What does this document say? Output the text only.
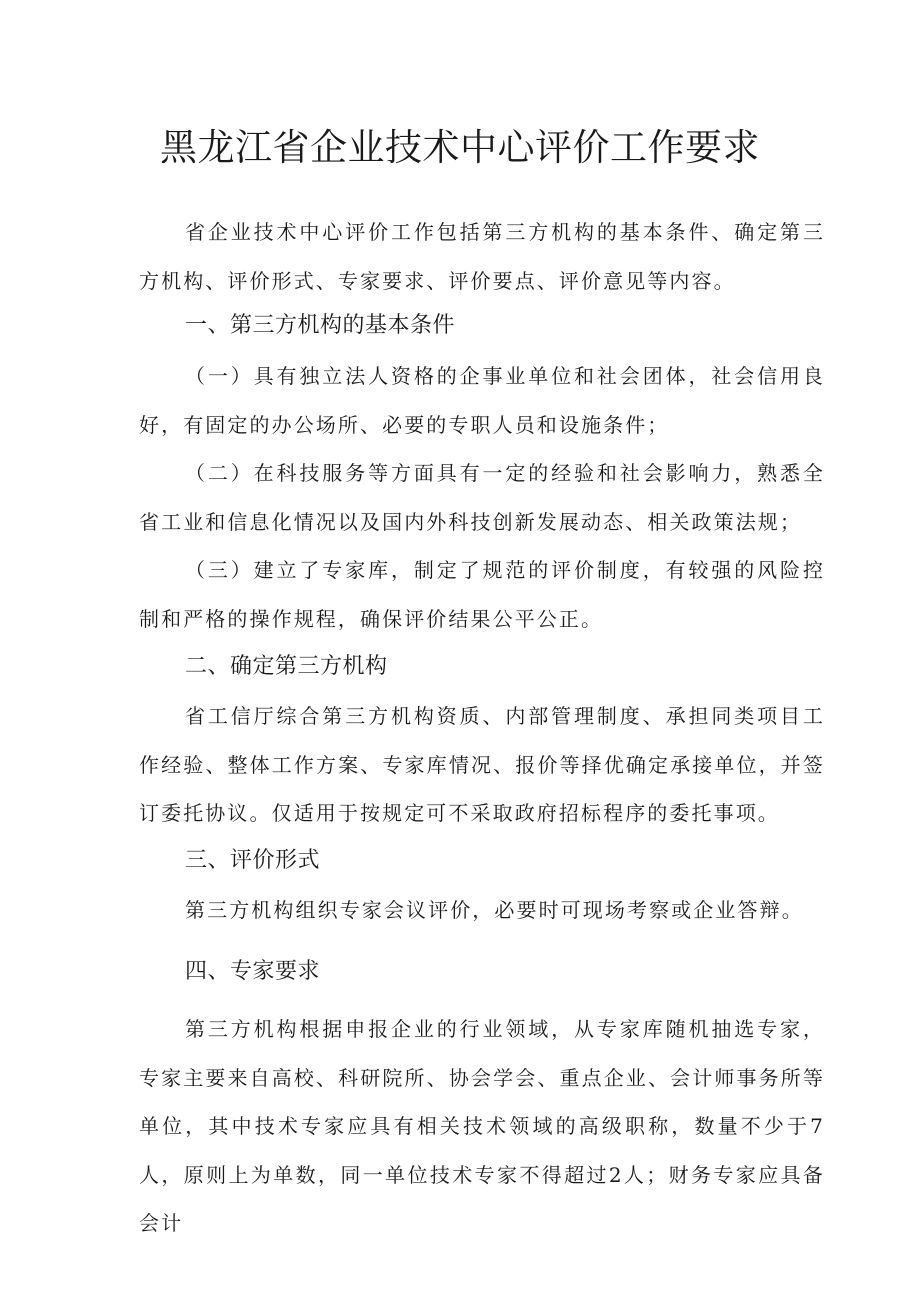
黑龙江省企业技术中心评价工作要求

省企业技术中心评价工作包括第三方机构的基本条件、确定第三方机构、评价形式、专家要求、评价要点、评价意见等内容。

一、第三方机构的基本条件

（一）具有独立法人资格的企事业单位和社会团体，社会信用良好，有固定的办公场所、必要的专职人员和设施条件；

（二）在科技服务等方面具有一定的经验和社会影响力，熟悉全省工业和信息化情况以及国内外科技创新发展动态、相关政策法规；

（三）建立了专家库，制定了规范的评价制度，有较强的风险控制和严格的操作规程，确保评价结果公平公正。

二、确定第三方机构

省工信厅综合第三方机构资质、内部管理制度、承担同类项目工作经验、整体工作方案、专家库情况、报价等择优确定承接单位，并签订委托协议。仅适用于按规定可不采取政府招标程序的委托事项。

三、评价形式

第三方机构组织专家会议评价，必要时可现场考察或企业答辩。

四、专家要求

第三方机构根据申报企业的行业领域，从专家库随机抽选专家，专家主要来自高校、科研院所、协会学会、重点企业、会计师事务所等单位，其中技术专家应具有相关技术领域的高级职称，数量不少于7人，原则上为单数，同一单位技术专家不得超过2人；财务专家应具备会计
